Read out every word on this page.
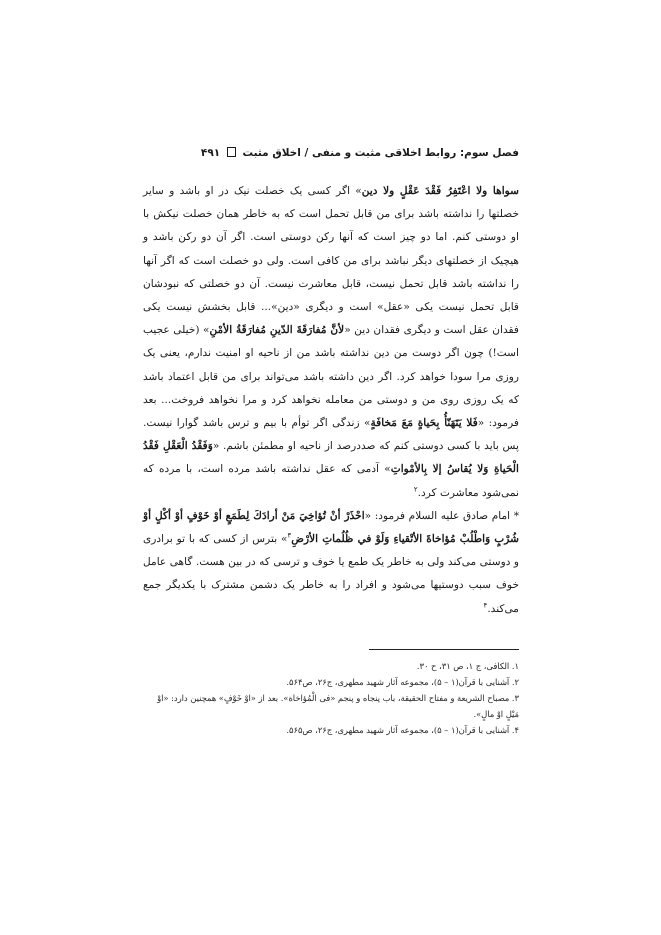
فصل سوم: روابط اخلاقی مثبت و منفی / اخلاق مثبت  ۴۹۱

سواها ولا اعْتَفِرُ فَقْدَ عَقْلٍ ولا دين» اگر کسی یک خصلت نیک در او باشد و سایر خصلتها را نداشته باشد برای من قابل تحمل است که به خاطر همان خصلت نیکش با او دوستی کنم. اما دو چیز است که آنها رکن دوستی است. اگر آن دو رکن باشد و هیچیک از خصلتهای دیگر نباشد برای من کافی است. ولی دو خصلت است که اگر آنها را نداشته باشد قابل تحمل نیست، قابل معاشرت نیست. آن دو خصلتی که نبودشان قابل تحمل نیست یکی «عقل» است و دیگری «دین»... قابل بخشش نیست یکی فقدان عقل است و دیگری فقدان دین «لأنَّ مُفارَقَةَ الدّينِ مُفارَقَةُ الأمْنِ» (خیلی عجیب است!) چون اگر دوست من دین نداشته باشد من از ناحیه او امنیت ندارم، یعنی یک روزی مرا سودا خواهد کرد. اگر دین داشته باشد می‌تواند برای من قابل اعتماد باشد که یک روزی روی من و دوستی من معامله نخواهد کرد و مرا نخواهد فروخت... بعد فرمود: «فَلا يَتَهَنّأُ بِحَياةٍ مَعَ مَخافَةٍ» زندگی اگر توأم با بیم و ترس باشد گوارا نیست. پس باید با کسی دوستی کنم که صددرصد از ناحیه او مطمئن باشم. «وَفَقْدُ الْعَقْلِ فَقْدُ الْحَياةِ وَلا يُقاسُ إلا بِالأمْواتِ» آدمی که عقل نداشته باشد مرده است، با مرده که نمی‌شود معاشرت کرد.$^۲$

* امام صادق علیه السلام فرمود: «احْذَرْ أنْ تُؤاخِيَ مَنْ أرادَكَ لِطَمَعٍ أوْ خَوْفٍ أوْ أكْلٍ أوْ شُرْبٍ وَاطْلُبْ مُؤاخاةَ الأتْقياءِ وَلَوْ في ظُلُماتِ الأرْضِ$^۳$» بترس از کسی که با تو برادری و دوستی می‌کند ولی به خاطر یک طمع یا خوف و ترسی که در بین هست. گاهی عامل خوف سبب دوستیها می‌شود و افراد را به خاطر یک دشمن مشترک با یکدیگر جمع می‌کند.$^۴$

۱. الکافی، ج ۱، ص ۳۱، ح ۳۰.
۲. آشنایی با قرآن(۱ – ۵)، مجموعه آثار شهید مطهری، ج۲۶، ص۵۶۴.
۳. مصباح الشریعة و مفتاح الحقیقة، باب پنجاه و پنجم «فی الْمُؤاخاة». بعد از «اوْ خَوْفٍ» همچنین دارد: «اوْ مَیْلٍ اوْ مالٍ».
۴. آشنایی با قرآن(۱ – ۵)، مجموعه آثار شهید مطهری، ج۲۶، ص۵۶۵.
